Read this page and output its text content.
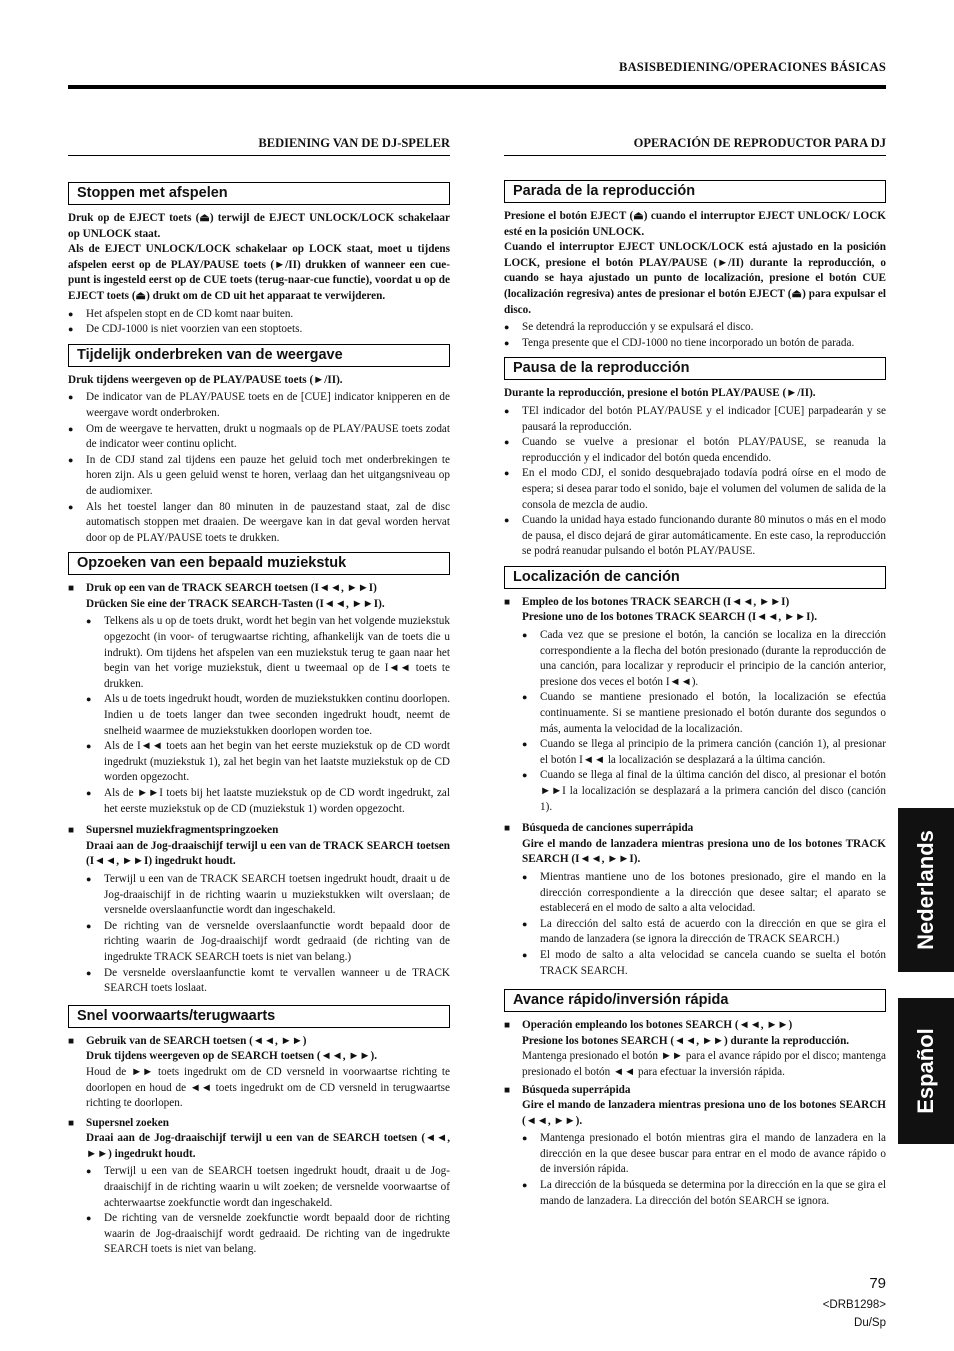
BASISBEDIENING/OPERACIONES BÁSICAS
BEDIENING VAN DE DJ-SPELER
Stoppen met afspelen

Druk op de EJECT toets (⏏) terwijl de EJECT UNLOCK/LOCK schakelaar op UNLOCK staat.

Als de EJECT UNLOCK/LOCK schakelaar op LOCK staat, moet u tijdens afspelen eerst op de PLAY/PAUSE toets (►/II) drukken of wanneer een cue-punt is ingesteld eerst op de CUE toets (terug-naar-cue functie), voordat u op de EJECT toets (⏏) drukt om de CD uit het apparaat te verwijderen.

● Het afspelen stopt en de CD komt naar buiten.
● De CDJ-1000 is niet voorzien van een stoptoets.
Tijdelijk onderbreken van de weergave

Druk tijdens weergeven op de PLAY/PAUSE toets (►/II).

● De indicator van de PLAY/PAUSE toets en de [CUE] indicator knipperen en de weergave wordt onderbroken.
● Om de weergave te hervatten, drukt u nogmaals op de PLAY/PAUSE toets zodat de indicator weer continu oplicht.
● In de CDJ stand zal tijdens een pauze het geluid toch met onderbrekingen te horen zijn. Als u geen geluid wenst te horen, verlaag dan het uitgangsniveau op de audiomixer.
● Als het toestel langer dan 80 minuten in de pauzestand staat, zal de disc automatisch stoppen met draaien. De weergave kan in dat geval worden hervat door op de PLAY/PAUSE toets te drukken.
Opzoeken van een bepaald muziekstuk
■ Druk op een van de TRACK SEARCH toetsen (I◄◄, ►►I)

Drücken Sie eine der TRACK SEARCH-Tasten (I◄◄, ►►I).

● Telkens als u op de toets drukt, wordt het begin van het volgende muziekstuk opgezocht (in voor- of terugwaartse richting, afhankelijk van de toets die u indrukt). Om tijdens het afspelen van een muziekstuk terug te gaan naar het begin van het vorige muziekstuk, dient u tweemaal op de I◄◄ toets te drukken.
● Als u de toets ingedrukt houdt, worden de muziekstukken continu doorlopen. Indien u de toets langer dan twee seconden ingedrukt houdt, neemt de snelheid waarmee de muziekstukken doorlopen worden toe.
● Als de I◄◄ toets aan het begin van het eerste muziekstuk op de CD wordt ingedrukt (muziekstuk 1), zal het begin van het laatste muziekstuk op de CD worden opgezocht.
● Als de ►►I toets bij het laatste muziekstuk op de CD wordt ingedrukt, zal het eerste muziekstuk op de CD (muziekstuk 1) worden opgezocht.
■ Supersnel muziekfragmentspringzoeken

Draai aan de Jog-draaischijf terwijl u een van de TRACK SEARCH toetsen (I◄◄, ►►I) ingedrukt houdt.

● Terwijl u een van de TRACK SEARCH toetsen ingedrukt houdt, draait u de Jog-draaischijf in de richting waarin u muziekstukken wilt overslaan; de versnelde overslaanfunctie wordt dan ingeschakeld.
● De richting van de versnelde overslaanfunctie wordt bepaald door de richting waarin de Jog-draaischijf wordt gedraaid (de richting van de ingedrukte TRACK SEARCH toets is niet van belang.)
● De versnelde overslaanfunctie komt te vervallen wanneer u de TRACK SEARCH toets loslaat.
Snel voorwaarts/terugwaarts
■ Gebruik van de SEARCH toetsen (◄◄, ►►)

Druk tijdens weergeven op de SEARCH toetsen (◄◄, ►►).

Houd de ►► toets ingedrukt om de CD versneld in voorwaartse richting te doorlopen en houd de ◄◄ toets ingedrukt om de CD versneld in terugwaartse richting te doorlopen.

■ Supersnel zoeken

Draai aan de Jog-draaischijf terwijl u een van de SEARCH toetsen (◄◄, ►►) ingedrukt houdt.

● Terwijl u een van de SEARCH toetsen ingedrukt houdt, draait u de Jog-draaischijf in de richting waarin u wilt zoeken; de versnelde voorwaartse of achterwaartse zoekfunctie wordt dan ingeschakeld.
● De richting van de versnelde zoekfunctie wordt bepaald door de richting waarin de Jog-draaischijf wordt gedraaid. De richting van de ingedrukte SEARCH toets is niet van belang.
OPERACIÓN DE REPRODUCTOR PARA DJ
Parada de la reproducción

Presione el botón EJECT (⏏) cuando el interruptor EJECT UNLOCK/ LOCK esté en la posición UNLOCK.

Cuando el interruptor EJECT UNLOCK/LOCK está ajustado en la posición LOCK, presione el botón PLAY/PAUSE (►/II) durante la reproducción, o cuando se haya ajustado un punto de localización, presione el botón CUE (localización regresiva) antes de presionar el botón EJECT (⏏) para expulsar el disco.

● Se detendrá la reproducción y se expulsará el disco.
● Tenga presente que el CDJ-1000 no tiene incorporado un botón de parada.
Pausa de la reproducción

Durante la reproducción, presione el botón PLAY/PAUSE (►/II).

● TEl indicador del botón PLAY/PAUSE y el indicador [CUE] parpadearán y se pausará la reproducción.
● Cuando se vuelve a presionar el botón PLAY/PAUSE, se reanuda la reproducción y el indicador del botón queda encendido.
● En el modo CDJ, el sonido desquebrajado todavía podrá oírse en el modo de espera; si desea parar todo el sonido, baje el volumen del volumen de salida de la consola de mezcla de audio.
● Cuando la unidad haya estado funcionando durante 80 minutos o más en el modo de pausa, el disco dejará de girar automáticamente. En este caso, la reproducción se podrá reanudar pulsando el botón PLAY/PAUSE.
Localización de canción
■ Empleo de los botones TRACK SEARCH (I◄◄, ►►I)

Presione uno de los botones TRACK SEARCH (I◄◄, ►►I).

● Cada vez que se presione el botón, la canción se localiza en la dirección correspondiente a la flecha del botón presionado (durante la reproducción de una canción, para localizar y reproducir el principio de la canción anterior, presione dos veces el botón I◄◄).
● Cuando se mantiene presionado el botón, la localización se efectúa continuamente. Si se mantiene presionado el botón durante dos segundos o más, aumenta la velocidad de la localización.
● Cuando se llega al principio de la primera canción (canción 1), al presionar el botón I◄◄ la localización se desplazará a la última canción.
● Cuando se llega al final de la última canción del disco, al presionar el botón ►►I la localización se desplazará a la primera canción del disco (canción 1).
■ Búsqueda de canciones superrápida

Gire el mando de lanzadera mientras presiona uno de los botones TRACK SEARCH (I◄◄, ►►I).

● Mientras mantiene uno de los botones presionado, gire el mando en la dirección correspondiente a la dirección que desee saltar; el aparato se establecerá en el modo de salto a alta velocidad.
● La dirección del salto está de acuerdo con la dirección en que se gira el mando de lanzadera (se ignora la dirección de TRACK SEARCH.)
● El modo de salto a alta velocidad se cancela cuando se suelta el botón TRACK SEARCH.
Avance rápido/inversión rápida
■ Operación empleando los botones SEARCH (◄◄, ►►)

Presione los botones SEARCH (◄◄, ►►) durante la reproducción.

Mantenga presionado el botón ►► para el avance rápido por el disco; mantenga presionado el botón ◄◄ para efectuar la inversión rápida.

■ Búsqueda superrápida

Gire el mando de lanzadera mientras presiona uno de los botones SEARCH (◄◄, ►►).

● Mantenga presionado el botón mientras gira el mando de lanzadera en la dirección en la que desee buscar para entrar en el modo de avance rápido o de inversión rápida.
● La dirección de la búsqueda se determina por la dirección en la que se gira el mando de lanzadera. La dirección del botón SEARCH se ignora.
Nederlands
Español
79
<DRB1298>
Du/Sp
